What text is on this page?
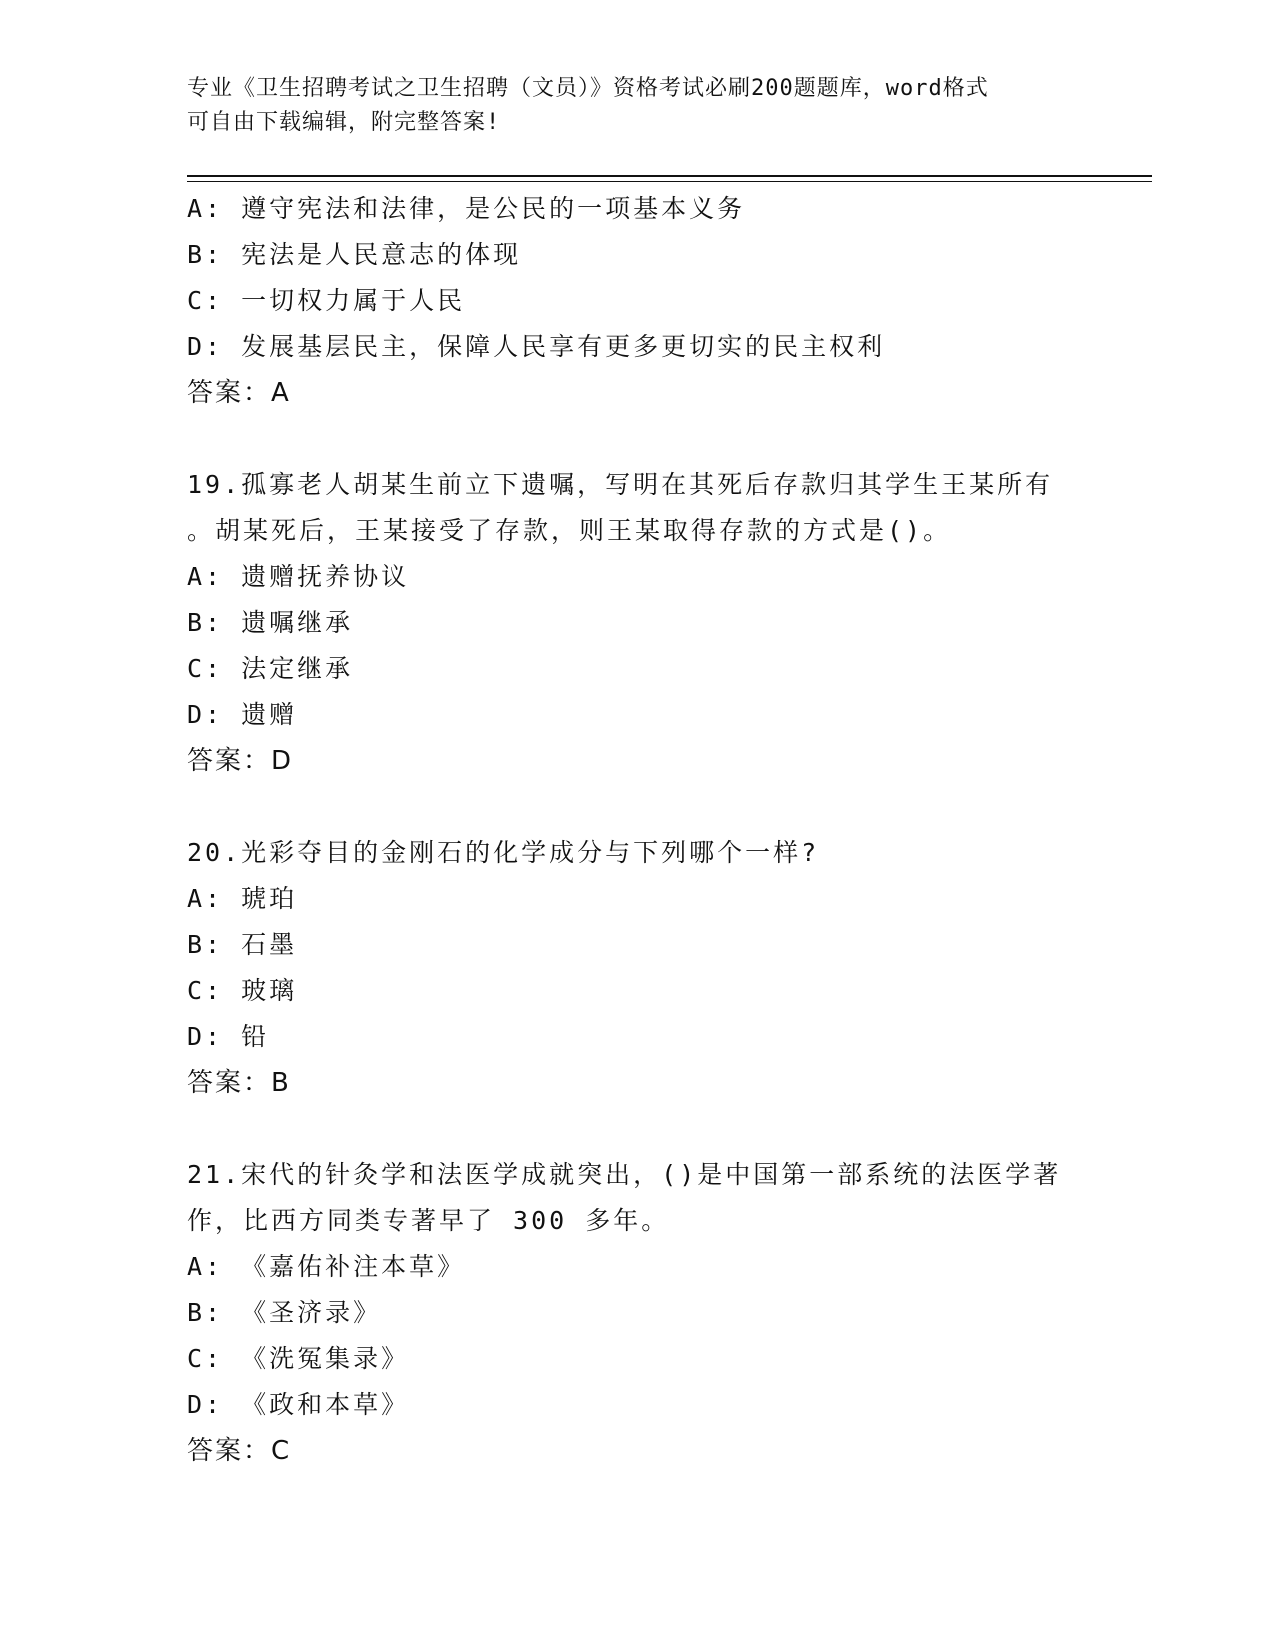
专业《卫生招聘考试之卫生招聘（文员）》资格考试必刷200题题库，word格式
可自由下载编辑，附完整答案!
A: 遵守宪法和法律，是公民的一项基本义务
B: 宪法是人民意志的体现
C: 一切权力属于人民
D: 发展基层民主，保障人民享有更多更切实的民主权利
答案：A
19.孤寡老人胡某生前立下遗嘱，写明在其死后存款归其学生王某所有
。胡某死后，王某接受了存款，则王某取得存款的方式是()。
A: 遗赠抚养协议
B: 遗嘱继承
C: 法定继承
D: 遗赠
答案：D
20.光彩夺目的金刚石的化学成分与下列哪个一样?
A: 琥珀
B: 石墨
C: 玻璃
D: 铅
答案：B
21.宋代的针灸学和法医学成就突出，()是中国第一部系统的法医学著
作，比西方同类专著早了 300 多年。
A: 《嘉佑补注本草》
B: 《圣济录》
C: 《洗冤集录》
D: 《政和本草》
答案：C
